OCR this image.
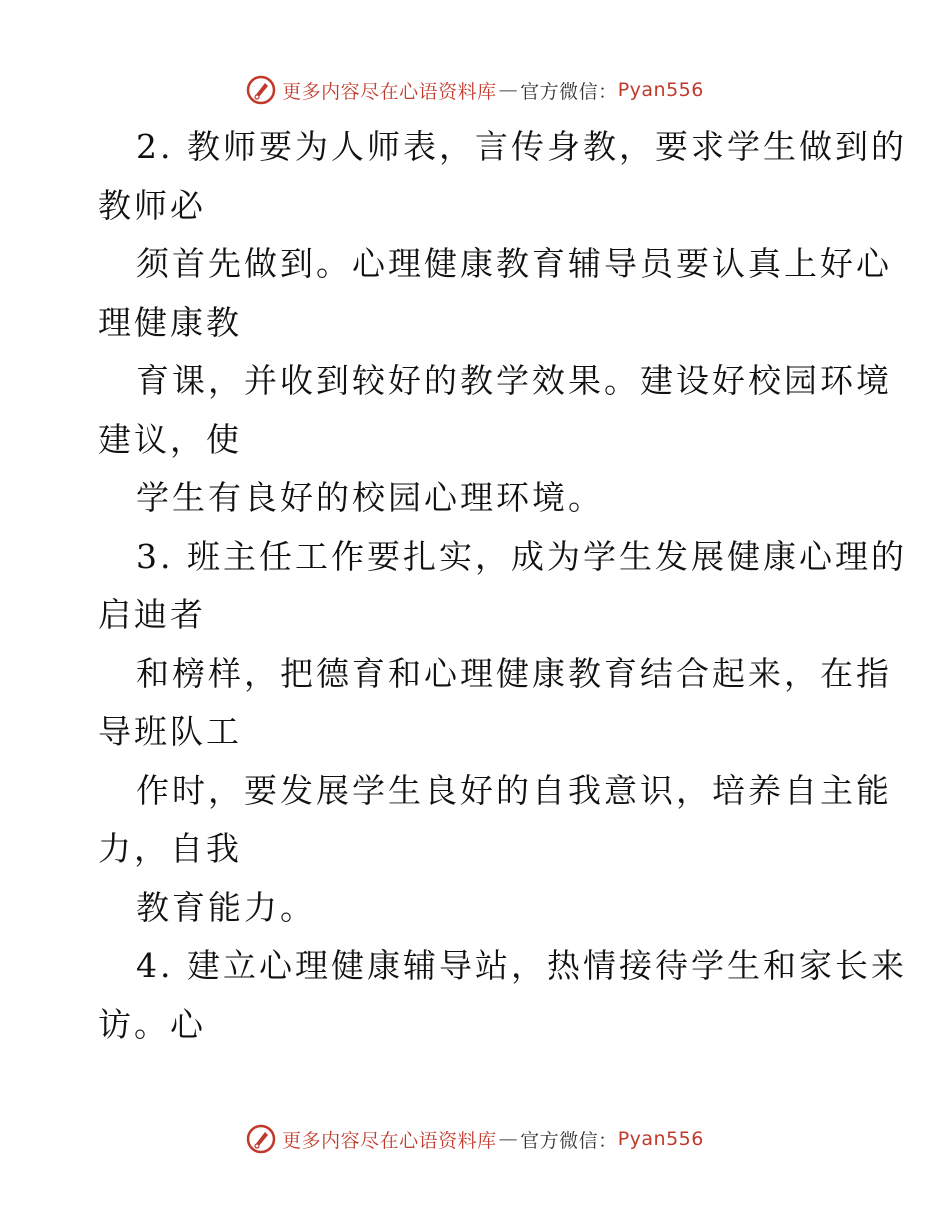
更多内容尽在心语资料库 — 官方微信： Pyan556
2. 教师要为人师表，言传身教，要求学生做到的
教师必
须首先做到。心理健康教育辅导员要认真上好心
理健康教
育课，并收到较好的教学效果。建设好校园环境
建议，使
学生有良好的校园心理环境。
3. 班主任工作要扎实，成为学生发展健康心理的
启迪者
和榜样，把德育和心理健康教育结合起来，在指
导班队工
作时，要发展学生良好的自我意识，培养自主能
力，自我
教育能力。
4. 建立心理健康辅导站，热情接待学生和家长来
访。心
更多内容尽在心语资料库 — 官方微信： Pyan556
